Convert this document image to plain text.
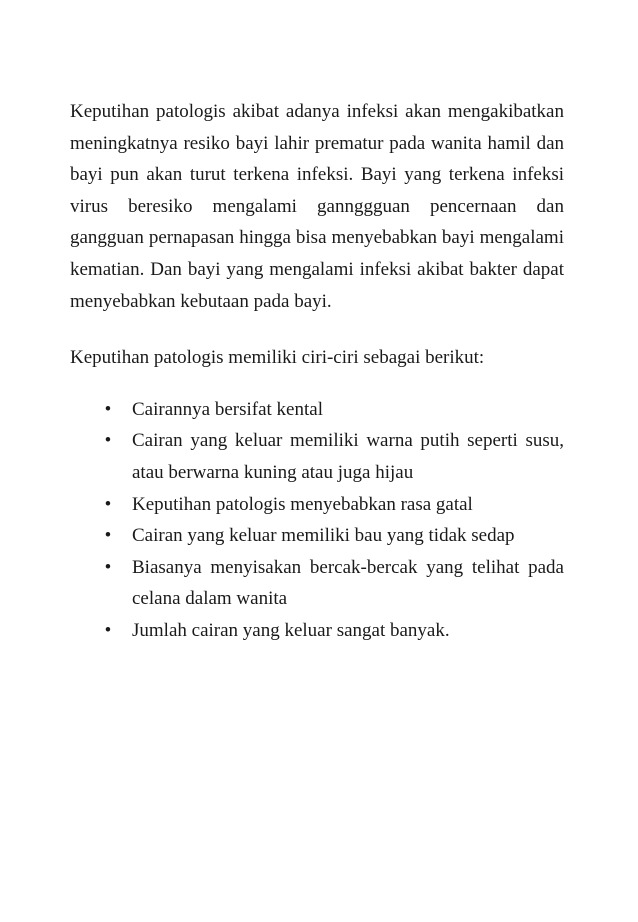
Keputihan patologis akibat adanya infeksi akan mengakibatkan meningkatnya resiko bayi lahir prematur pada wanita hamil dan bayi pun akan turut terkena infeksi. Bayi yang terkena infeksi virus beresiko mengalami gannggguan pencernaan dan gangguan pernapasan hingga bisa menyebabkan bayi mengalami kematian. Dan bayi yang mengalami infeksi akibat bakter dapat menyebabkan kebutaan pada bayi.

Keputihan patologis memiliki ciri-ciri sebagai berikut:

•	Cairannya bersifat kental
•	Cairan yang keluar memiliki warna putih seperti susu, atau berwarna kuning atau juga hijau
•	Keputihan patologis menyebabkan rasa gatal
•	Cairan yang keluar memiliki bau yang tidak sedap
•	Biasanya menyisakan bercak-bercak yang telihat pada celana dalam wanita
•	Jumlah cairan yang keluar sangat banyak.
